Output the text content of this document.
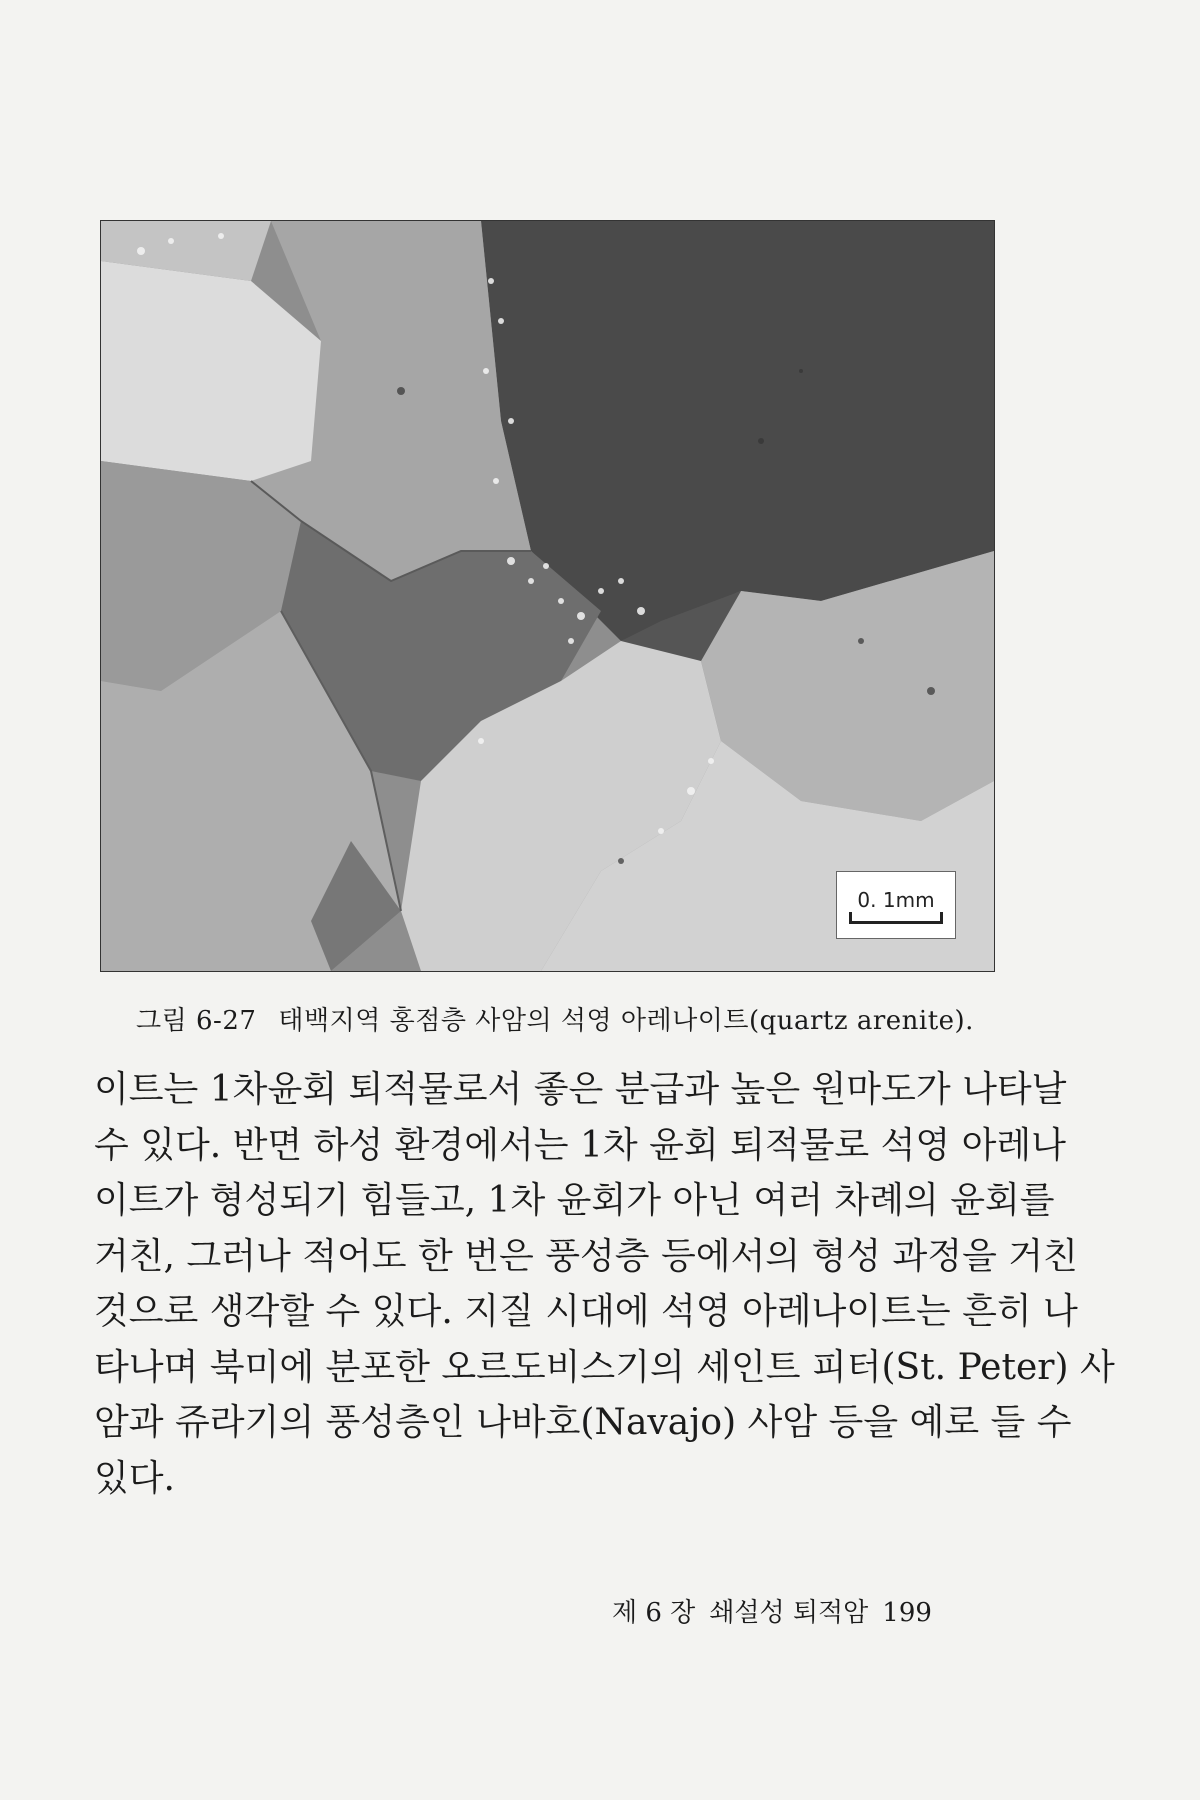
0. 1mm
그림 6-27 태백지역 홍점층 사암의 석영 아레나이트(quartz arenite).
이트는 1차윤회 퇴적물로서 좋은 분급과 높은 원마도가 나타날
수 있다. 반면 하성 환경에서는 1차 윤회 퇴적물로 석영 아레나
이트가 형성되기 힘들고, 1차 윤회가 아닌 여러 차례의 윤회를
거친, 그러나 적어도 한 번은 풍성층 등에서의 형성 과정을 거친
것으로 생각할 수 있다. 지질 시대에 석영 아레나이트는 흔히 나
타나며 북미에 분포한 오르도비스기의 세인트 피터(St. Peter) 사
암과 쥬라기의 풍성층인 나바호(Navajo) 사암 등을 예로 들 수
있다.
제 6 장 쇄설성 퇴적암 199
